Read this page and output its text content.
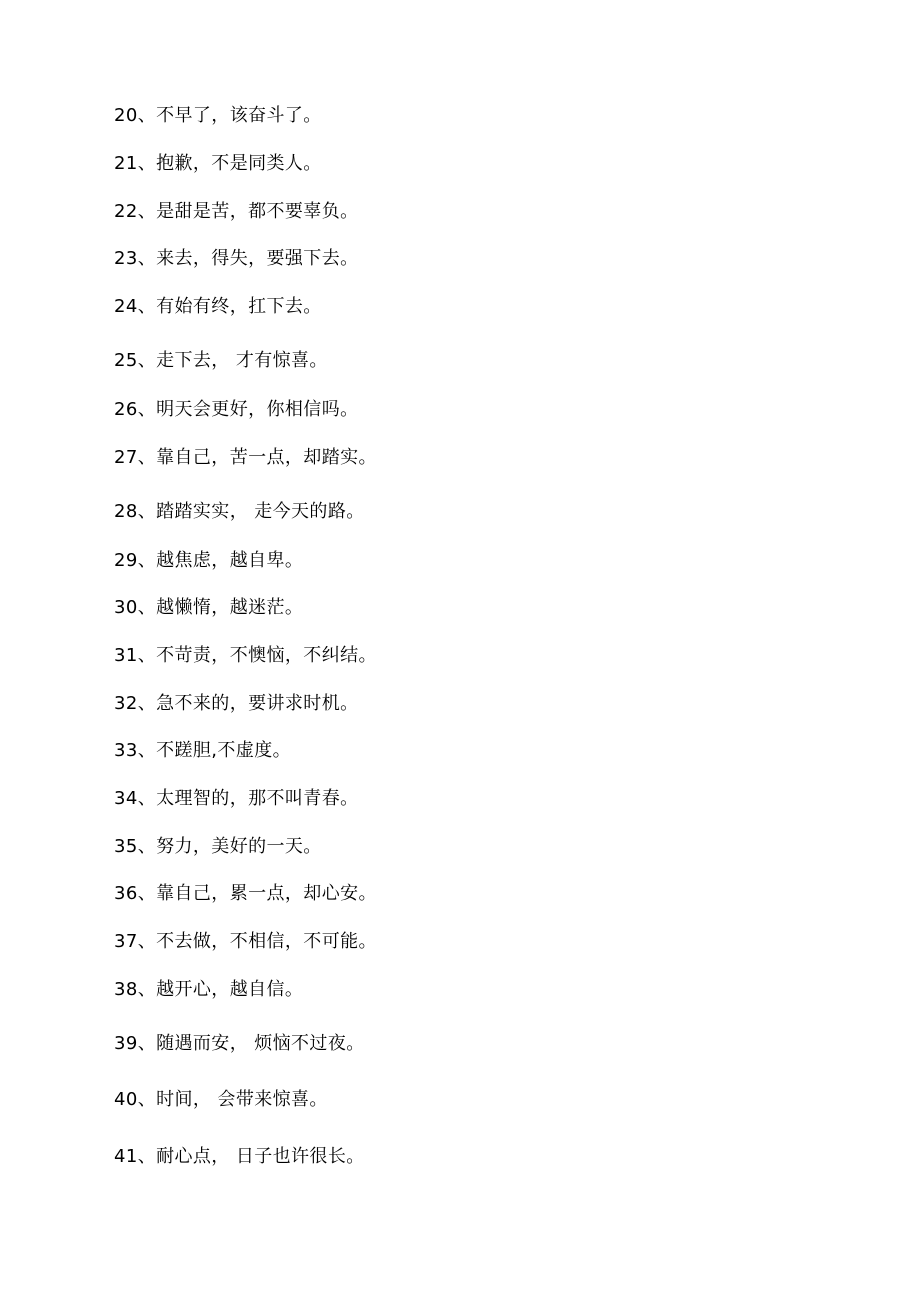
20、不早了，该奋斗了。
21、抱歉，不是同类人。
22、是甜是苦，都不要辜负。
23、来去，得失，要强下去。
24、有始有终，扛下去。
25、走下去， 才有惊喜。
26、明天会更好，你相信吗。
27、靠自己，苦一点，却踏实。
28、踏踏实实， 走今天的路。
29、越焦虑，越自卑。
30、越懒惰，越迷茫。
31、不苛责，不懊恼，不纠结。
32、急不来的，要讲求时机。
33、不蹉胆,不虚度。
34、太理智的，那不叫青春。
35、努力，美好的一天。
36、靠自己，累一点，却心安。
37、不去做，不相信，不可能。
38、越开心，越自信。
39、随遇而安， 烦恼不过夜。
40、时间， 会带来惊喜。
41、耐心点， 日子也许很长。
